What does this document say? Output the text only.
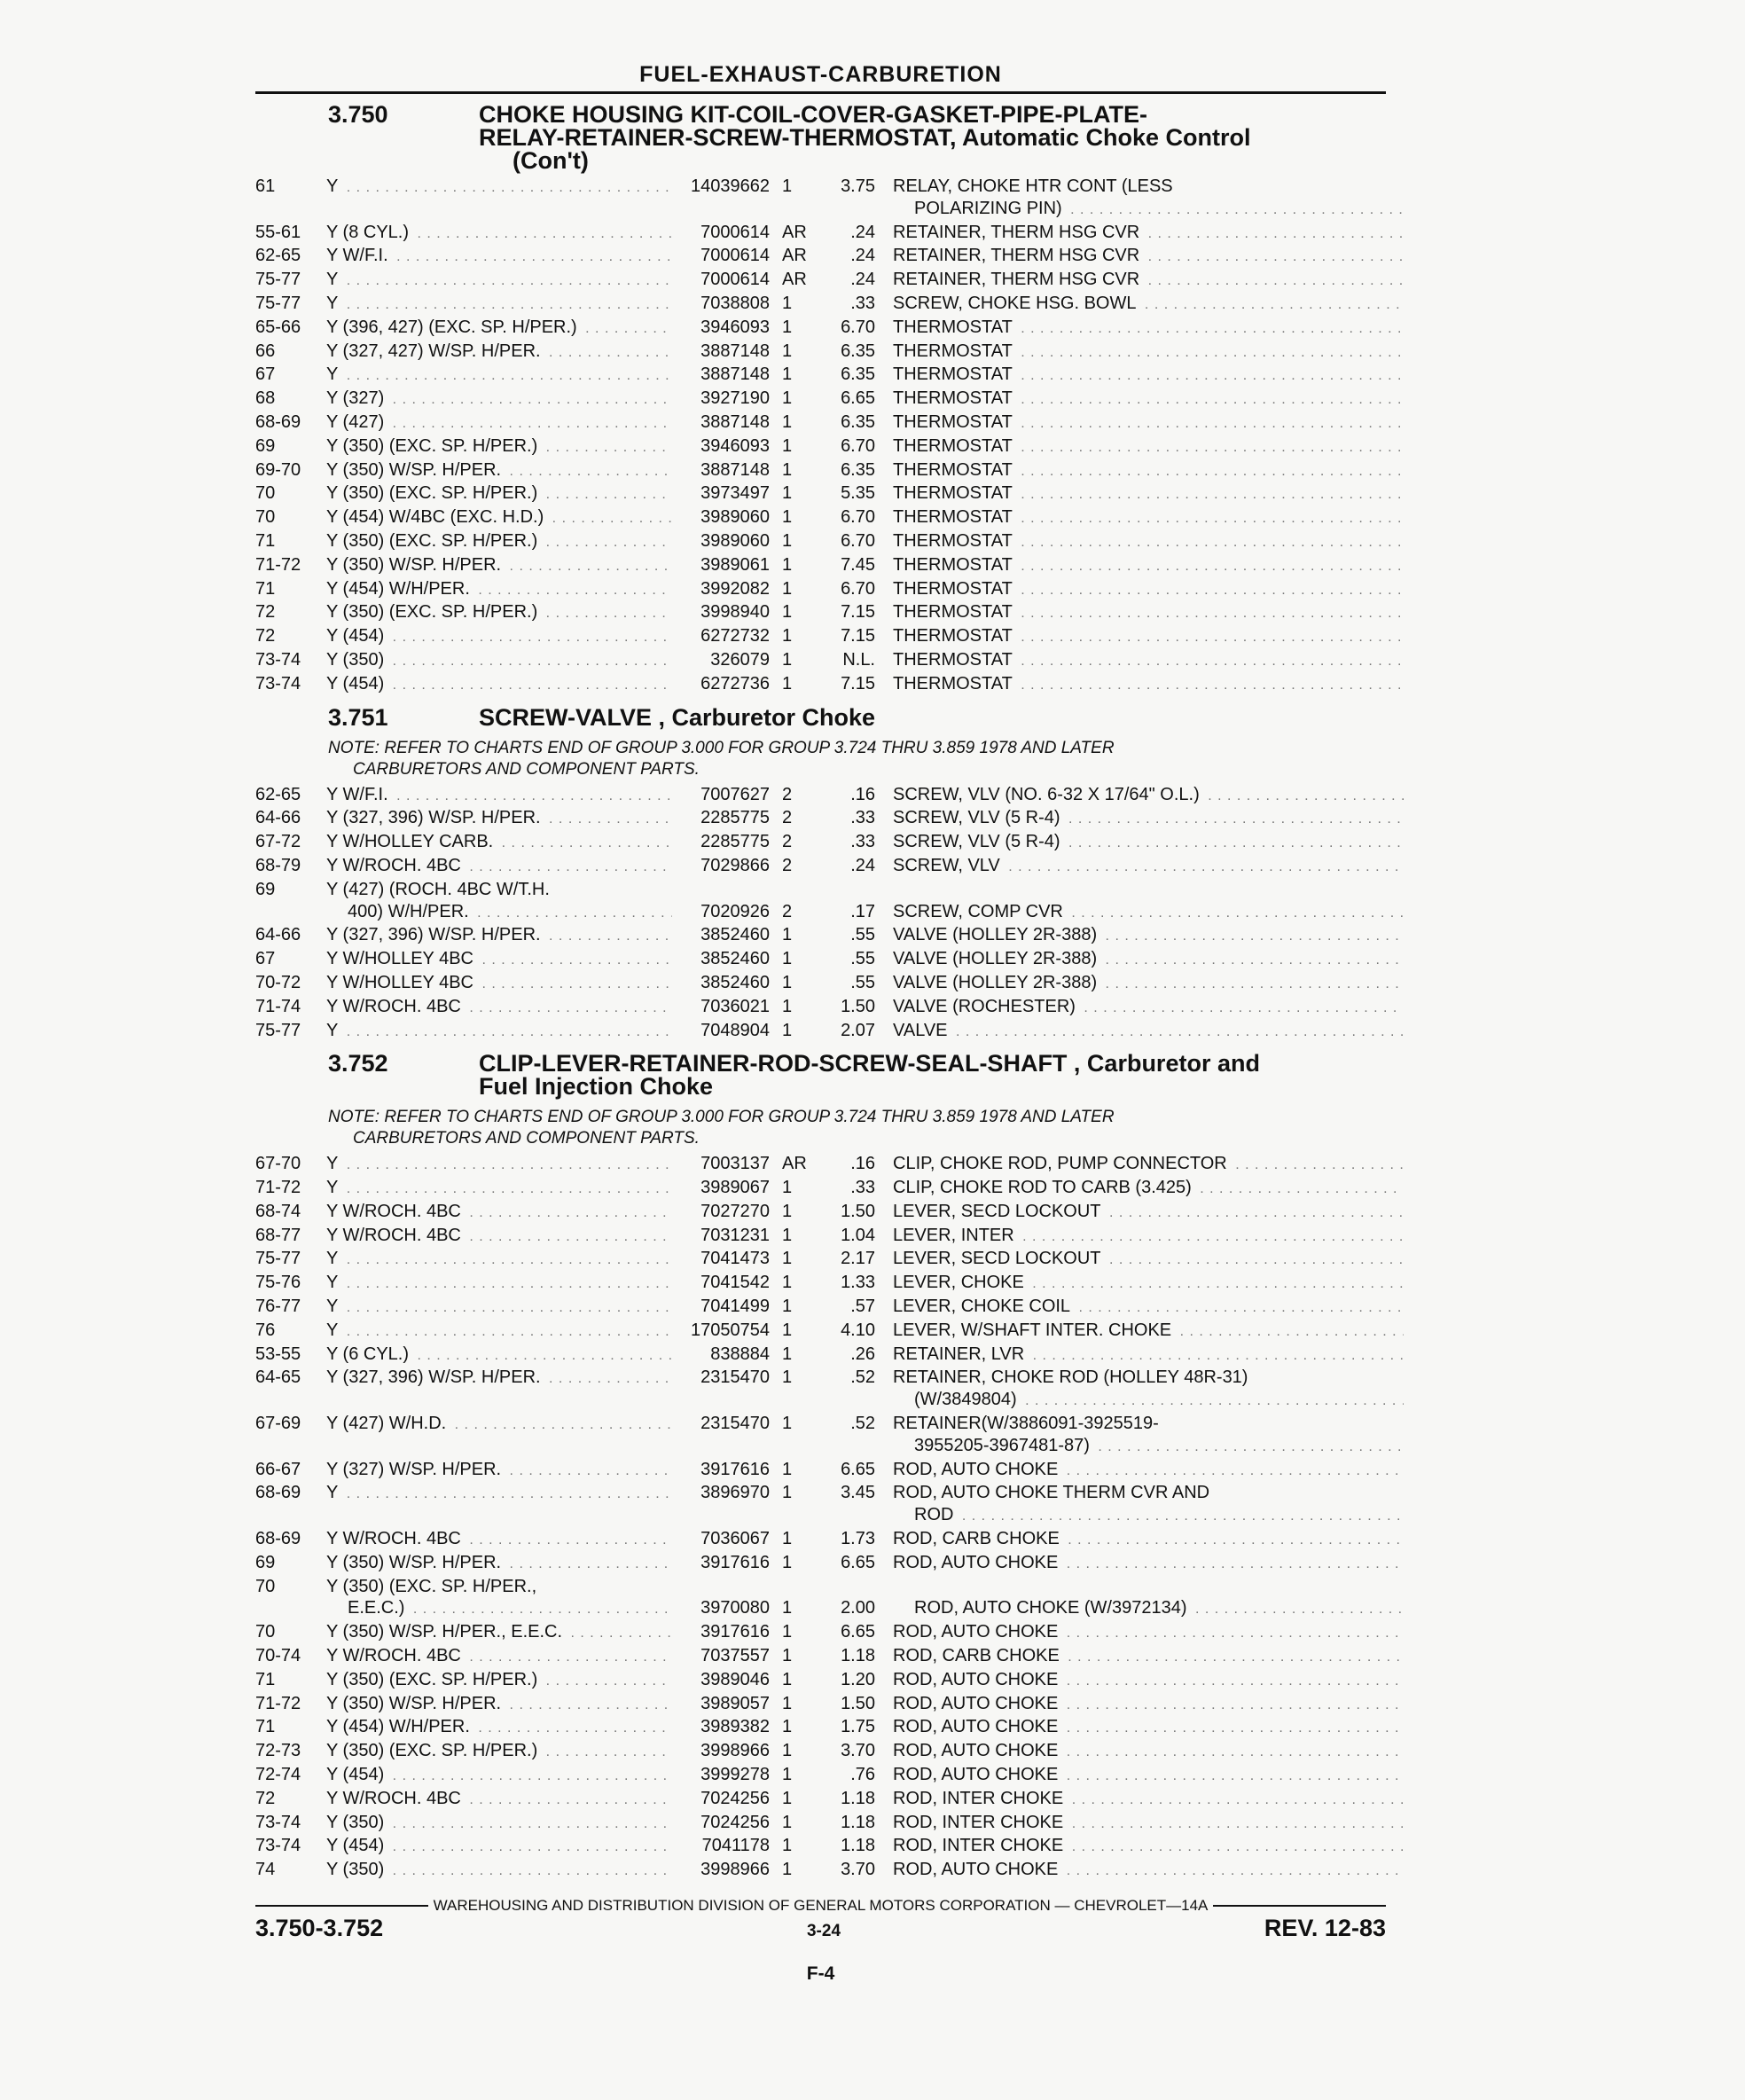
FUEL-EXHAUST-CARBURETION
3.750	CHOKE HOUSING KIT-COIL-COVER-GASKET-PIPE-PLATE-
RELAY-RETAINER-SCREW-THERMOSTAT, Automatic Choke Control
(Con't)
61	Y . . .	14039662	1	3.75	RELAY, CHOKE HTR CONT (LESS
POLARIZING PIN) . . .

55-61	Y (8 CYL.) . . .	7000614	AR	.24	RETAINER, THERM HSG CVR . . .

62-65	Y W/F.I. . . .	7000614	AR	.24	RETAINER, THERM HSG CVR . . .

75-77	Y . . .	7000614	AR	.24	RETAINER, THERM HSG CVR . . .

75-77	Y . . .	7038808	1	.33	SCREW, CHOKE HSG. BOWL . . .

65-66	Y (396, 427) (EXC. SP. H/PER.) . . .	3946093	1	6.70	THERMOSTAT . . .

66	Y (327, 427) W/SP. H/PER. . . .	3887148	1	6.35	THERMOSTAT . . .

67	Y . . .	3887148	1	6.35	THERMOSTAT . . .

68	Y (327) . . .	3927190	1	6.65	THERMOSTAT . . .

68-69	Y (427) . . .	3887148	1	6.35	THERMOSTAT . . .

69	Y (350) (EXC. SP. H/PER.) . . .	3946093	1	6.70	THERMOSTAT . . .

69-70	Y (350) W/SP. H/PER. . . .	3887148	1	6.35	THERMOSTAT . . .

70	Y (350) (EXC. SP. H/PER.) . . .	3973497	1	5.35	THERMOSTAT . . .

70	Y (454) W/4BC (EXC. H.D.) . . .	3989060	1	6.70	THERMOSTAT . . .

71	Y (350) (EXC. SP. H/PER.) . . .	3989060	1	6.70	THERMOSTAT . . .

71-72	Y (350) W/SP. H/PER. . . .	3989061	1	7.45	THERMOSTAT . . .

71	Y (454) W/H/PER. . . .	3992082	1	6.70	THERMOSTAT . . .

72	Y (350) (EXC. SP. H/PER.) . . .	3998940	1	7.15	THERMOSTAT . . .

72	Y (454) . . .	6272732	1	7.15	THERMOSTAT . . .

73-74	Y (350) . . .	326079	1	N.L.	THERMOSTAT . . .

73-74	Y (454) . . .	6272736	1	7.15	THERMOSTAT . . .
3.751	SCREW-VALVE , Carburetor Choke
NOTE: REFER TO CHARTS END OF GROUP 3.000 FOR GROUP 3.724 THRU 3.859 1978 AND LATER
CARBURETORS AND COMPONENT PARTS.
62-65	Y W/F.I. . . .	7007627	2	.16	SCREW, VLV (NO. 6-32 X 17/64" O.L.) . . .

64-66	Y (327, 396) W/SP. H/PER. . . .	2285775	2	.33	SCREW, VLV (5 R-4) . . .

67-72	Y W/HOLLEY CARB. . . .	2285775	2	.33	SCREW, VLV (5 R-4) . . .

68-79	Y W/ROCH. 4BC . . .	7029866	2	.24	SCREW, VLV . . .

69	Y (427) (ROCH. 4BC W/T.H.
400) W/H/PER. . . .	7020926	2	.17	SCREW, COMP CVR . . .

64-66	Y (327, 396) W/SP. H/PER. . . .	3852460	1	.55	VALVE (HOLLEY 2R-388) . . .

67	Y W/HOLLEY 4BC . . .	3852460	1	.55	VALVE (HOLLEY 2R-388) . . .

70-72	Y W/HOLLEY 4BC . . .	3852460	1	.55	VALVE (HOLLEY 2R-388) . . .

71-74	Y W/ROCH. 4BC . . .	7036021	1	1.50	VALVE (ROCHESTER) . . .

75-77	Y . . .	7048904	1	2.07	VALVE . . .
3.752	CLIP-LEVER-RETAINER-ROD-SCREW-SEAL-SHAFT , Carburetor and
Fuel Injection Choke
NOTE: REFER TO CHARTS END OF GROUP 3.000 FOR GROUP 3.724 THRU 3.859 1978 AND LATER
CARBURETORS AND COMPONENT PARTS.
67-70	Y . . .	7003137	AR	.16	CLIP, CHOKE ROD, PUMP CONNECTOR . . .

71-72	Y . . .	3989067	1	.33	CLIP, CHOKE ROD TO CARB (3.425) . . .

68-74	Y W/ROCH. 4BC . . .	7027270	1	1.50	LEVER, SECD LOCKOUT . . .

68-77	Y W/ROCH. 4BC . . .	7031231	1	1.04	LEVER, INTER . . .

75-77	Y . . .	7041473	1	2.17	LEVER, SECD LOCKOUT . . .

75-76	Y . . .	7041542	1	1.33	LEVER, CHOKE . . .

76-77	Y . . .	7041499	1	.57	LEVER, CHOKE COIL . . .

76	Y . . .	17050754	1	4.10	LEVER, W/SHAFT INTER. CHOKE . . .

53-55	Y (6 CYL.) . . .	838884	1	.26	RETAINER, LVR . . .

64-65	Y (327, 396) W/SP. H/PER. . . .	2315470	1	.52	RETAINER, CHOKE ROD (HOLLEY 48R-31)
(W/3849804) . . .

67-69	Y (427) W/H.D. . . .	2315470	1	.52	RETAINER(W/3886091-3925519-
3955205-3967481-87) . . .

66-67	Y (327) W/SP. H/PER. . . .	3917616	1	6.65	ROD, AUTO CHOKE . . .

68-69	Y . . .	3896970	1	3.45	ROD, AUTO CHOKE THERM CVR AND
ROD . . .

68-69	Y W/ROCH. 4BC . . .	7036067	1	1.73	ROD, CARB CHOKE . . .

69	Y (350) W/SP. H/PER. . . .	3917616	1	6.65	ROD, AUTO CHOKE . . .

70	Y (350) (EXC. SP. H/PER.,
E.E.C.) . . .	3970080	1	2.00	ROD, AUTO CHOKE (W/3972134) . . .

70	Y (350) W/SP. H/PER., E.E.C. . . .	3917616	1	6.65	ROD, AUTO CHOKE . . .

70-74	Y W/ROCH. 4BC . . .	7037557	1	1.18	ROD, CARB CHOKE . . .

71	Y (350) (EXC. SP. H/PER.) . . .	3989046	1	1.20	ROD, AUTO CHOKE . . .

71-72	Y (350) W/SP. H/PER. . . .	3989057	1	1.50	ROD, AUTO CHOKE . . .

71	Y (454) W/H/PER. . . .	3989382	1	1.75	ROD, AUTO CHOKE . . .

72-73	Y (350) (EXC. SP. H/PER.) . . .	3998966	1	3.70	ROD, AUTO CHOKE . . .

72-74	Y (454) . . .	3999278	1	.76	ROD, AUTO CHOKE . . .

72	Y W/ROCH. 4BC . . .	7024256	1	1.18	ROD, INTER CHOKE . . .

73-74	Y (350) . . .	7024256	1	1.18	ROD, INTER CHOKE . . .

73-74	Y (454) . . .	7041178	1	1.18	ROD, INTER CHOKE . . .

74	Y (350) . . .	3998966	1	3.70	ROD, AUTO CHOKE . . .
WAREHOUSING AND DISTRIBUTION DIVISION OF GENERAL MOTORS CORPORATION — CHEVROLET—14A
3.750-3.752	3-24	REV. 12-83
F-4
